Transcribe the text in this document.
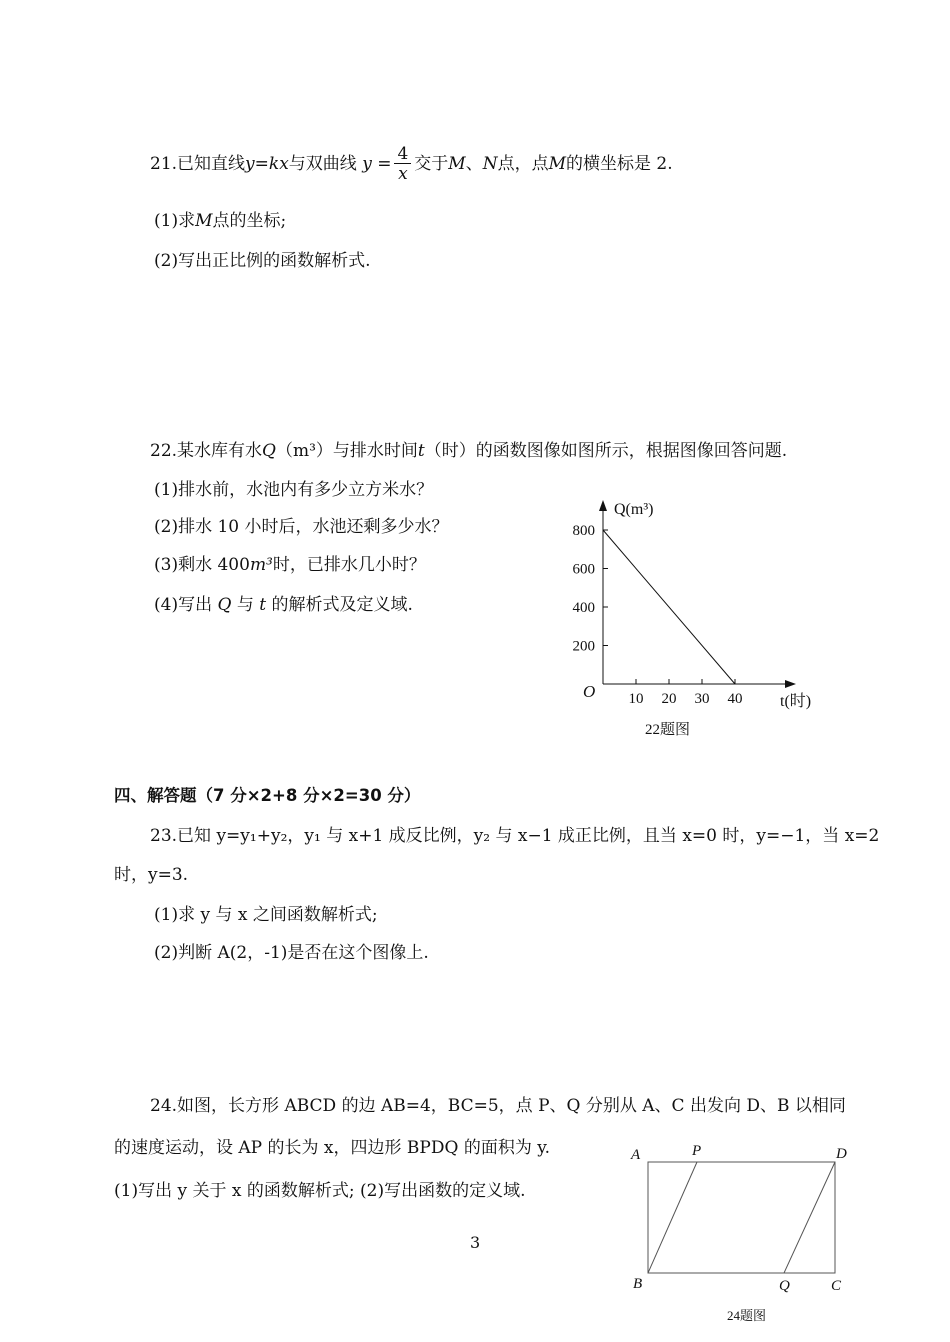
21.已知直线y=kx与双曲线 $y = \frac{4}{x}$ 交于M、N点，点M的横坐标是 2.
(1)求M点的坐标;
(2)写出正比例的函数解析式.
22.某水库有水Q（m³）与排水时间t（时）的函数图像如图所示，根据图像回答问题.
(1)排水前，水池内有多少立方米水？
(2)排水 10 小时后，水池还剩多少水？
(3)剩水 400m³时，已排水几小时？
(4)写出 Q 与 t 的解析式及定义域.
Q(m³)
t(时)
O
200
400
600
800
10 20 30 40
22题图
四、解答题（7 分×2+8 分×2=30 分）
23.已知 y=y₁+y₂，y₁ 与 x+1 成反比例，y₂ 与 x−1 成正比例，且当 x=0 时，y=−1，当 x=2
时，y=3.
(1)求 y 与 x 之间函数解析式;
(2)判断 A(2，-1)是否在这个图像上.
24.如图，长方形 ABCD 的边 AB=4，BC=5，点 P、Q 分别从 A、C 出发向 D、B 以相同
的速度运动，设 AP 的长为 x，四边形 BPDQ 的面积为 y.
(1)写出 y 关于 x 的函数解析式; (2)写出函数的定义域.
A	P	D
B	Q	C
24题图
3
